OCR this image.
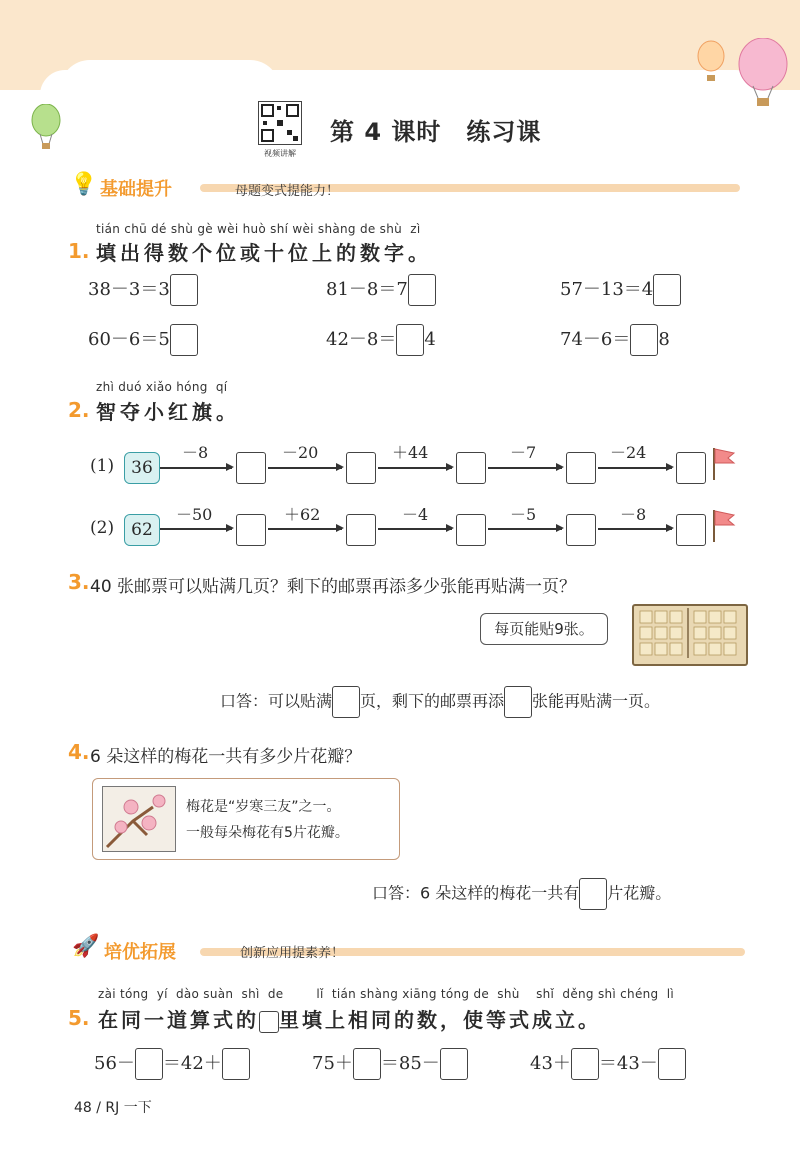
视频讲解
第 4 课时　练习课
💡 基础提升	母题变式提能力！
tián chū dé shù gè wèi huò shí wèi shàng de shù  zì
1. 填出得数个位或十位上的数字。
38－3＝3	81－8＝7	57－13＝4
60－6＝5	42－8＝ 4	74－6＝ 8
zhì duó xiǎo hóng  qí
2. 智夺小红旗。
(1)	36
－8	－20	＋44	－7	－24
(2)	62
－50	＋62	－4	－5	－8
3. 40 张邮票可以贴满几页？剩下的邮票再添多少张能再贴满一页？
每页能贴9张。
口答：可以贴满 页，剩下的邮票再添 张能再贴满一页。
4. 6 朵这样的梅花一共有多少片花瓣？
梅花是“岁寒三友”之一。
一般每朵梅花有5片花瓣。
口答：6 朵这样的梅花一共有 片花瓣。
🚀 培优拓展	创新应用提素养！
zài tóng  yí  dào suàn  shì  de        lǐ  tián shàng xiāng tóng de  shù    shǐ  děng shì chéng  lì
5. 在同一道算式的 里填上相同的数，使等式成立。
56－ ＝42＋	75＋ ＝85－	43＋ ＝43－
48 / RJ 一下
